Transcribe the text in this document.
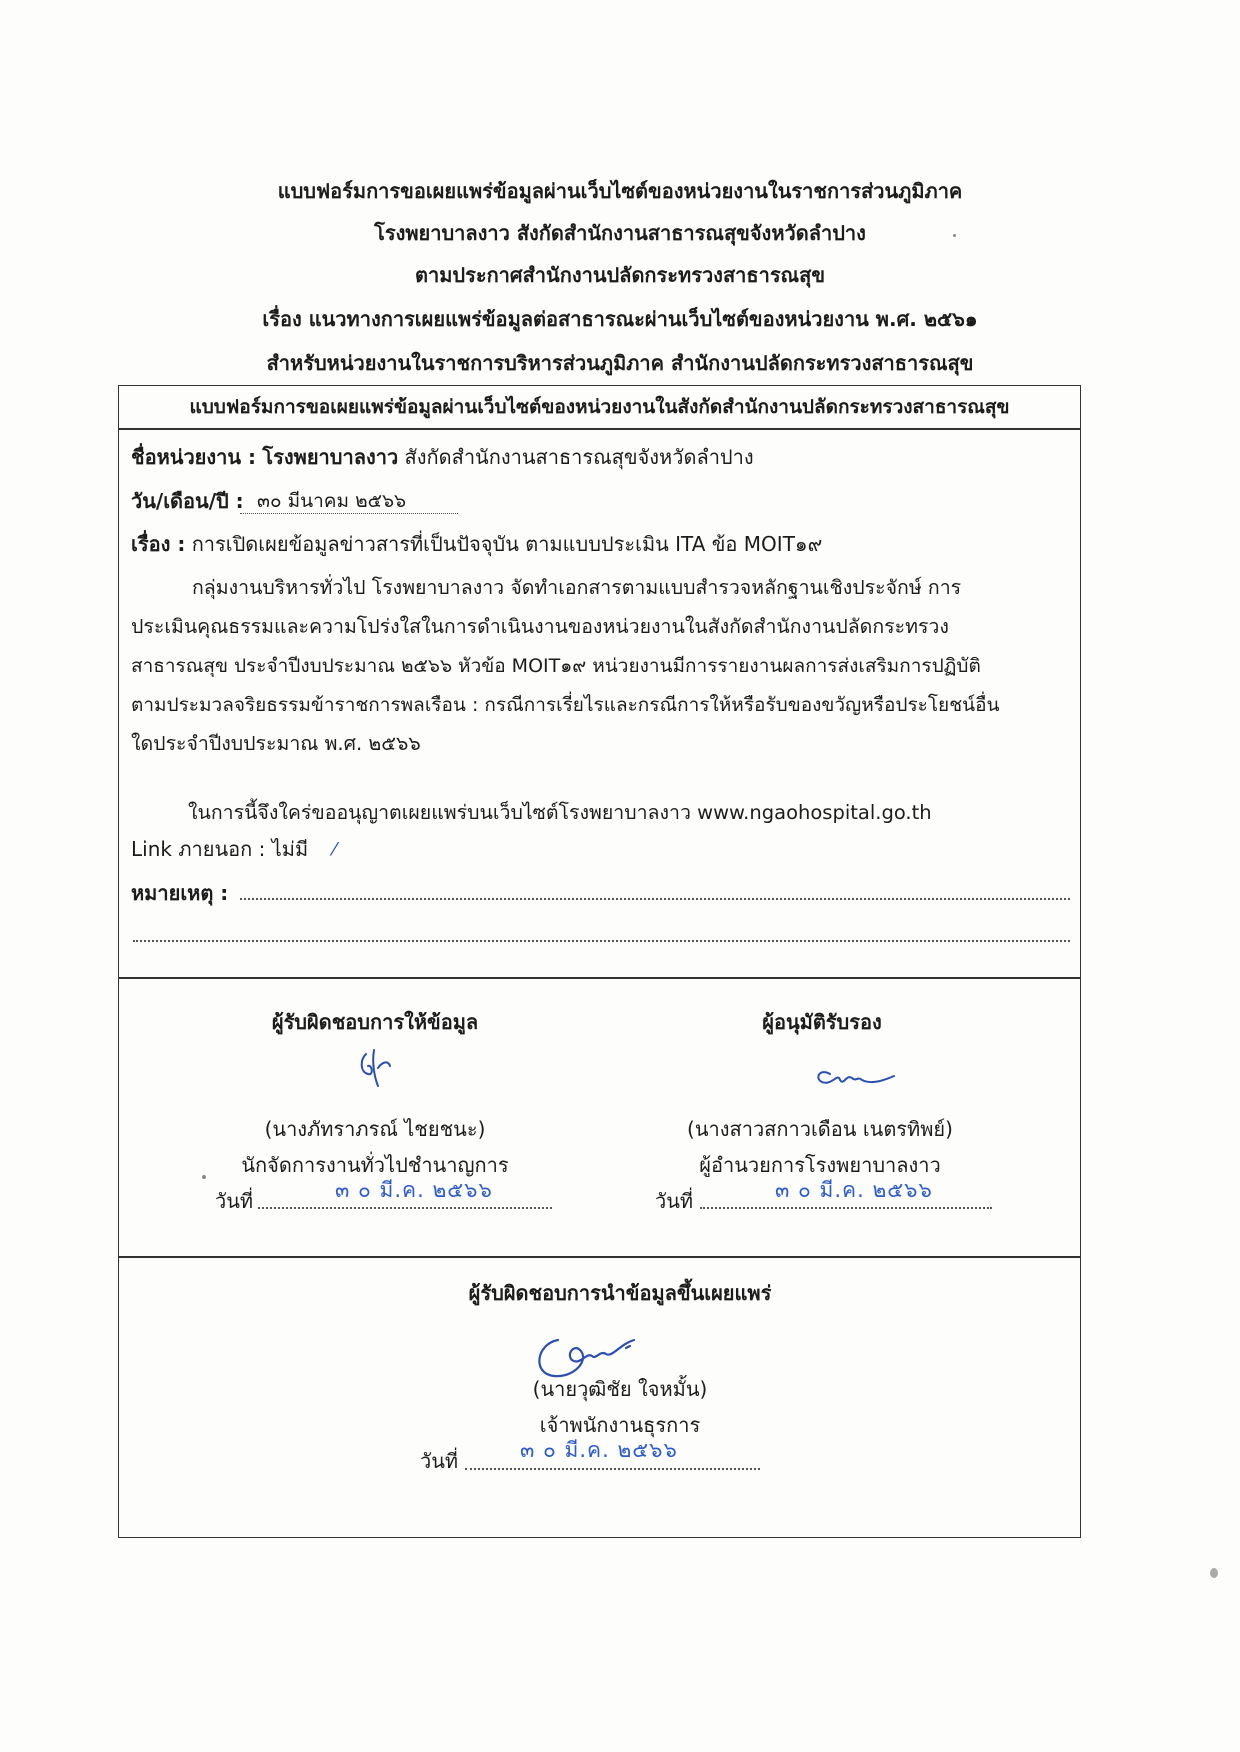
แบบฟอร์มการขอเผยแพร่ข้อมูลผ่านเว็บไซต์ของหน่วยงานในราชการส่วนภูมิภาค
โรงพยาบาลงาว สังกัดสำนักงานสาธารณสุขจังหวัดลำปาง
ตามประกาศสำนักงานปลัดกระทรวงสาธารณสุข
เรื่อง แนวทางการเผยแพร่ข้อมูลต่อสาธารณะผ่านเว็บไซต์ของหน่วยงาน พ.ศ. ๒๕๖๑
สำหรับหน่วยงานในราชการบริหารส่วนภูมิภาค สำนักงานปลัดกระทรวงสาธารณสุข
แบบฟอร์มการขอเผยแพร่ข้อมูลผ่านเว็บไซต์ของหน่วยงานในสังกัดสำนักงานปลัดกระทรวงสาธารณสุข
ชื่อหน่วยงาน : โรงพยาบาลงาว สังกัดสำนักงานสาธารณสุขจังหวัดลำปาง
วัน/เดือน/ปี : ๓๐ มีนาคม ๒๕๖๖
เรื่อง : การเปิดเผยข้อมูลข่าวสารที่เป็นปัจจุบัน ตามแบบประเมิน ITA ข้อ MOIT๑๙
กลุ่มงานบริหารทั่วไป โรงพยาบาลงาว จัดทำเอกสารตามแบบสำรวจหลักฐานเชิงประจักษ์ การ
ประเมินคุณธรรมและความโปร่งใสในการดำเนินงานของหน่วยงานในสังกัดสำนักงานปลัดกระทรวง
สาธารณสุข ประจำปีงบประมาณ ๒๕๖๖ หัวข้อ MOIT๑๙ หน่วยงานมีการรายงานผลการส่งเสริมการปฏิบัติ
ตามประมวลจริยธรรมข้าราชการพลเรือน : กรณีการเรี่ยไรและกรณีการให้หรือรับของขวัญหรือประโยชน์อื่น
ใดประจำปีงบประมาณ พ.ศ. ๒๕๖๖
ในการนี้จึงใคร่ขออนุญาตเผยแพร่บนเว็บไซต์โรงพยาบาลงาว www.ngaohospital.go.th
Link ภายนอก : ไม่มี ⁄
หมายเหตุ :
ผู้รับผิดชอบการให้ข้อมูล
(นางภัทราภรณ์ ไชยชนะ)
นักจัดการงานทั่วไปชำนาญการ
วันที่	๓ ๐ มี.ค. ๒๕๖๖
ผู้อนุมัติรับรอง
(นางสาวสกาวเดือน เนตรทิพย์)
ผู้อำนวยการโรงพยาบาลงาว
วันที่	๓ ๐ มี.ค. ๒๕๖๖
ผู้รับผิดชอบการนำข้อมูลขึ้นเผยแพร่
(นายวุฒิชัย ใจหมั้น)
เจ้าพนักงานธุรการ
วันที่	๓ ๐ มี.ค. ๒๕๖๖
